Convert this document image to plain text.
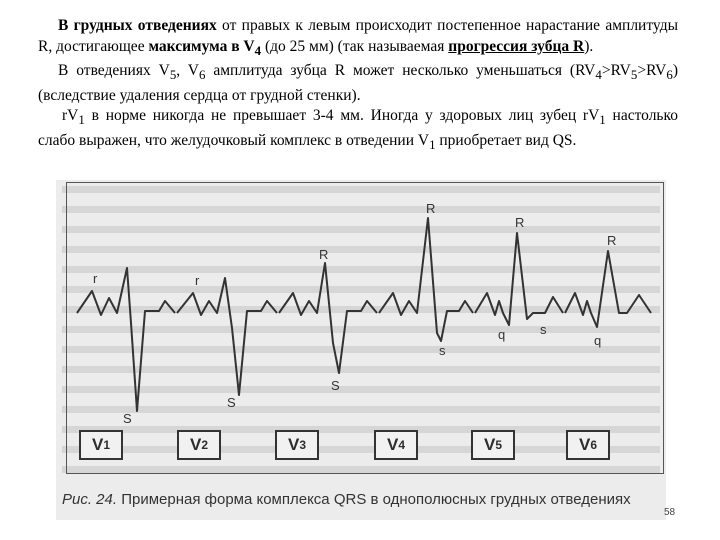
В грудных отведениях от правых к левым происходит постепенное нарастание амплитуды R, достигающее максимума в $V_4$ (до 25 мм) (так называемая прогрессия зубца R).

В отведениях $V_5$, $V_6$ амплитуда зубца R может несколько уменьшаться $(RV_4>RV_5>RV_6)$ (вследствие удаления сердца от грудной стенки).

$rV_1$ в норме никогда не превышает 3-4 мм. Иногда у здоровых лиц зубец $rV_1$ настолько слабо выражен, что желудочковый комплекс в отведении $V_1$ приобретает вид QS.

r
S
r
S
R
S
R
s
R
q	s
R
q
V 1	V 2	V 3	V 4	V 5	V 6
Рис. 24. Примерная форма комплекса QRS в однополюсных грудных отведениях
58
